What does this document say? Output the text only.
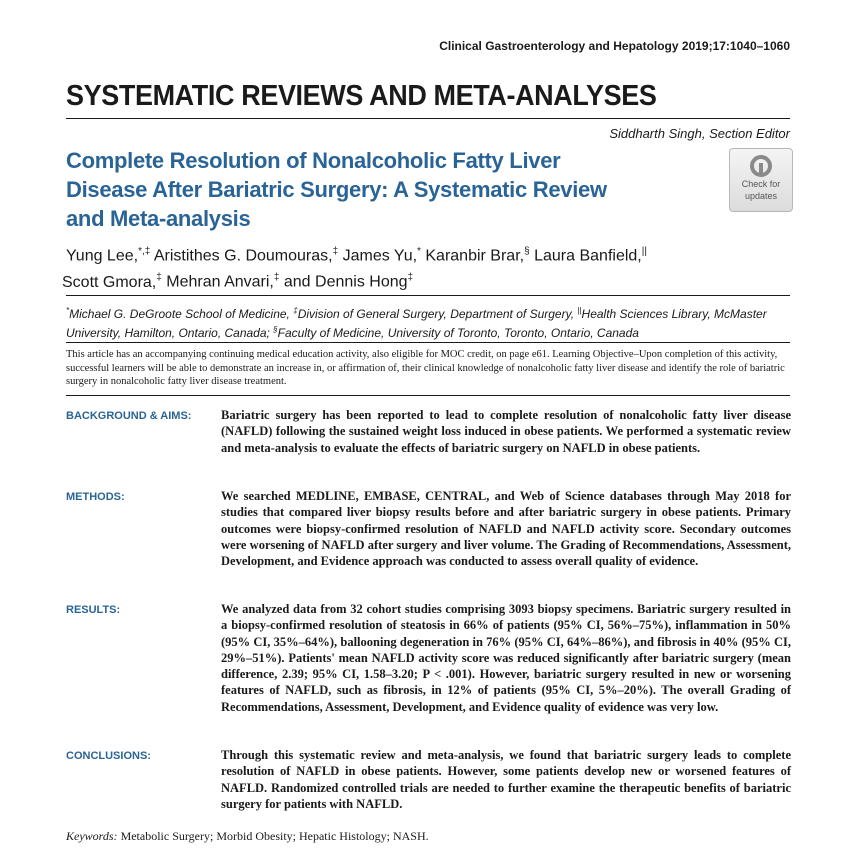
Clinical Gastroenterology and Hepatology 2019;17:1040–1060
SYSTEMATIC REVIEWS AND META-ANALYSES
Siddharth Singh, Section Editor
Complete Resolution of Nonalcoholic Fatty Liver
Disease After Bariatric Surgery: A Systematic Review
and Meta-analysis
Check for
updates
Yung Lee,*,‡ Aristithes G. Doumouras,‡ James Yu,* Karanbir Brar,§ Laura Banfield,||
Scott Gmora,‡ Mehran Anvari,‡ and Dennis Hong‡
*Michael G. DeGroote School of Medicine, ‡Division of General Surgery, Department of Surgery, ||Health Sciences Library, McMaster University, Hamilton, Ontario, Canada; §Faculty of Medicine, University of Toronto, Toronto, Ontario, Canada
This article has an accompanying continuing medical education activity, also eligible for MOC credit, on page e61. Learning Objective–Upon completion of this activity, successful learners will be able to demonstrate an increase in, or affirmation of, their clinical knowledge of nonalcoholic fatty liver disease and identify the role of bariatric surgery in nonalcoholic fatty liver disease treatment.
BACKGROUND & AIMS: Bariatric surgery has been reported to lead to complete resolution of nonalcoholic fatty liver disease (NAFLD) following the sustained weight loss induced in obese patients. We performed a systematic review and meta-analysis to evaluate the effects of bariatric surgery on NAFLD in obese patients.
METHODS:	We searched MEDLINE, EMBASE, CENTRAL, and Web of Science databases through May 2018 for studies that compared liver biopsy results before and after bariatric surgery in obese patients. Primary outcomes were biopsy-confirmed resolution of NAFLD and NAFLD activity score. Secondary outcomes were worsening of NAFLD after surgery and liver volume. The Grading of Recommendations, Assessment, Development, and Evidence approach was conducted to assess overall quality of evidence.
RESULTS:	We analyzed data from 32 cohort studies comprising 3093 biopsy specimens. Bariatric surgery resulted in a biopsy-confirmed resolution of steatosis in 66% of patients (95% CI, 56%–75%), inflammation in 50% (95% CI, 35%–64%), ballooning degeneration in 76% (95% CI, 64%–86%), and fibrosis in 40% (95% CI, 29%–51%). Patients' mean NAFLD activity score was reduced significantly after bariatric surgery (mean difference, 2.39; 95% CI, 1.58–3.20; P < .001). However, bariatric surgery resulted in new or worsening features of NAFLD, such as fibrosis, in 12% of patients (95% CI, 5%–20%). The overall Grading of Recommendations, Assessment, Development, and Evidence quality of evidence was very low.
CONCLUSIONS:	Through this systematic review and meta-analysis, we found that bariatric surgery leads to complete resolution of NAFLD in obese patients. However, some patients develop new or worsened features of NAFLD. Randomized controlled trials are needed to further examine the therapeutic benefits of bariatric surgery for patients with NAFLD.
Keywords: Metabolic Surgery; Morbid Obesity; Hepatic Histology; NASH.
